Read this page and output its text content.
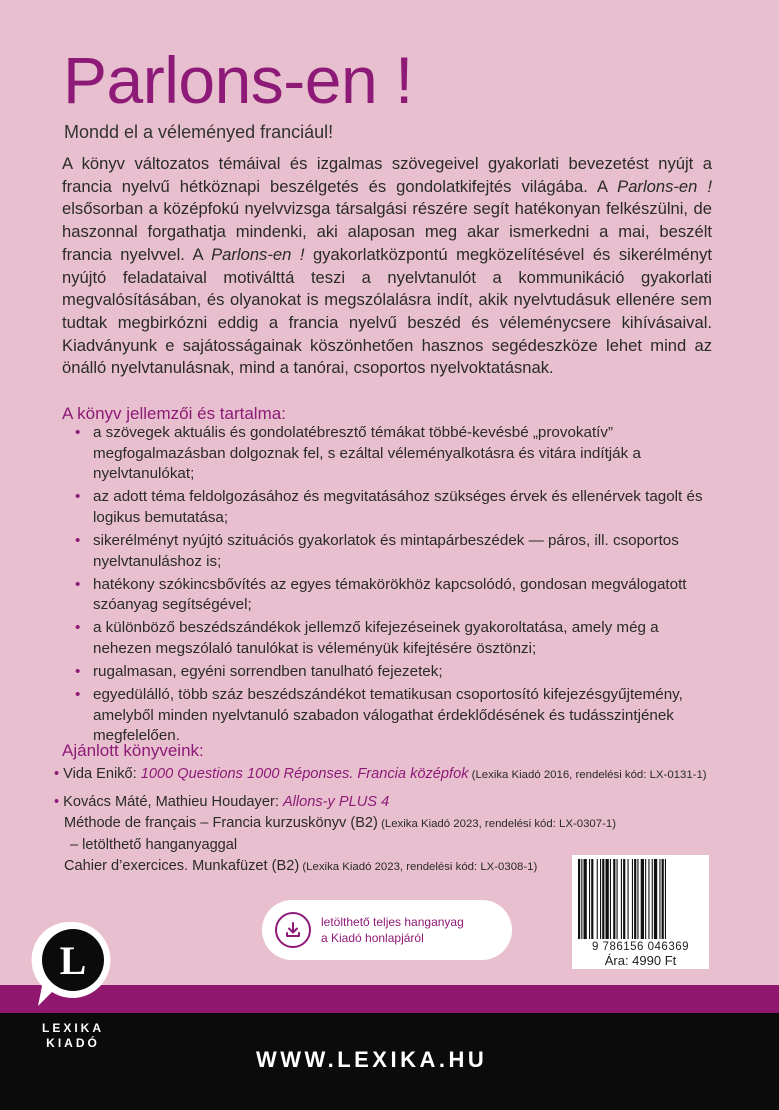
Parlons-en !

Mondd el a véleményed franciául!

A könyv változatos témáival és izgalmas szövegeivel gyakorlati bevezetést nyújt a francia nyelvű hétköznapi beszélgetés és gondolatkifejtés világába. A Parlons-en ! elsősorban a középfokú nyelvvizsga társalgási részére segít hatékonyan felkészülni, de haszonnal forgathatja mindenki, aki alaposan meg akar ismerkedni a mai, beszélt francia nyelvvel. A Parlons-en ! gyakorlatközpontú megközelítésével és sikerélményt nyújtó feladataival motiválttá teszi a nyelvtanulót a kommunikáció gyakorlati megvalósításában, és olyanokat is megszólalásra indít, akik nyelvtudásuk ellenére sem tudtak megbirkózni eddig a francia nyelvű beszéd és véleménycsere kihívásaival. Kiadványunk e sajátosságainak köszönhetően hasznos segédeszköze lehet mind az önálló nyelvtanulásnak, mind a tanórai, csoportos nyelvoktatásnak.

A könyv jellemzői és tartalma:
• a szövegek aktuális és gondolatébresztő témákat többé-kevésbé „provokatív” megfogalmazásban dolgoznak fel, s ezáltal véleményalkotásra és vitára indítják a nyelvtanulókat;
• az adott téma feldolgozásához és megvitatásához szükséges érvek és ellenérvek tagolt és logikus bemutatása;
• sikerélményt nyújtó szituációs gyakorlatok és mintapárbeszédek — páros, ill. csoportos nyelvtanuláshoz is;
• hatékony szókincsbővítés az egyes témakörökhöz kapcsolódó, gondosan megválogatott szóanyag segítségével;
• a különböző beszédszándékok jellemző kifejezéseinek gyakoroltatása, amely még a nehezen megszólaló tanulókat is véleményük kifejtésére ösztönzi;
• rugalmasan, egyéni sorrendben tanulható fejezetek;
• egyedülálló, több száz beszédszándékot tematikusan csoportosító kifejezésgyűjtemény, amelyből minden nyelvtanuló szabadon válogathat érdeklődésének és tudásszintjének megfelelően.
Ajánlott könyveink:
• Vida Enikő: 1000 Questions 1000 Réponses. Francia középfok (Lexika Kiadó 2016, rendelési kód: LX-0131-1)
• Kovács Máté, Mathieu Houdayer: Allons-y PLUS 4
Méthode de français – Francia kurzuskönyv (B2) (Lexika Kiadó 2023, rendelési kód: LX-0307-1)
– letölthető hanganyaggal
Cahier d’exercices. Munkafüzet (B2) (Lexika Kiadó 2023, rendelési kód: LX-0308-1)
letölthető teljes hanganyag
a Kiadó honlapjáról
9 786156 046369
Ára: 4990 Ft
L
LEXIKA
KIADÓ
WWW.LEXIKA.HU
